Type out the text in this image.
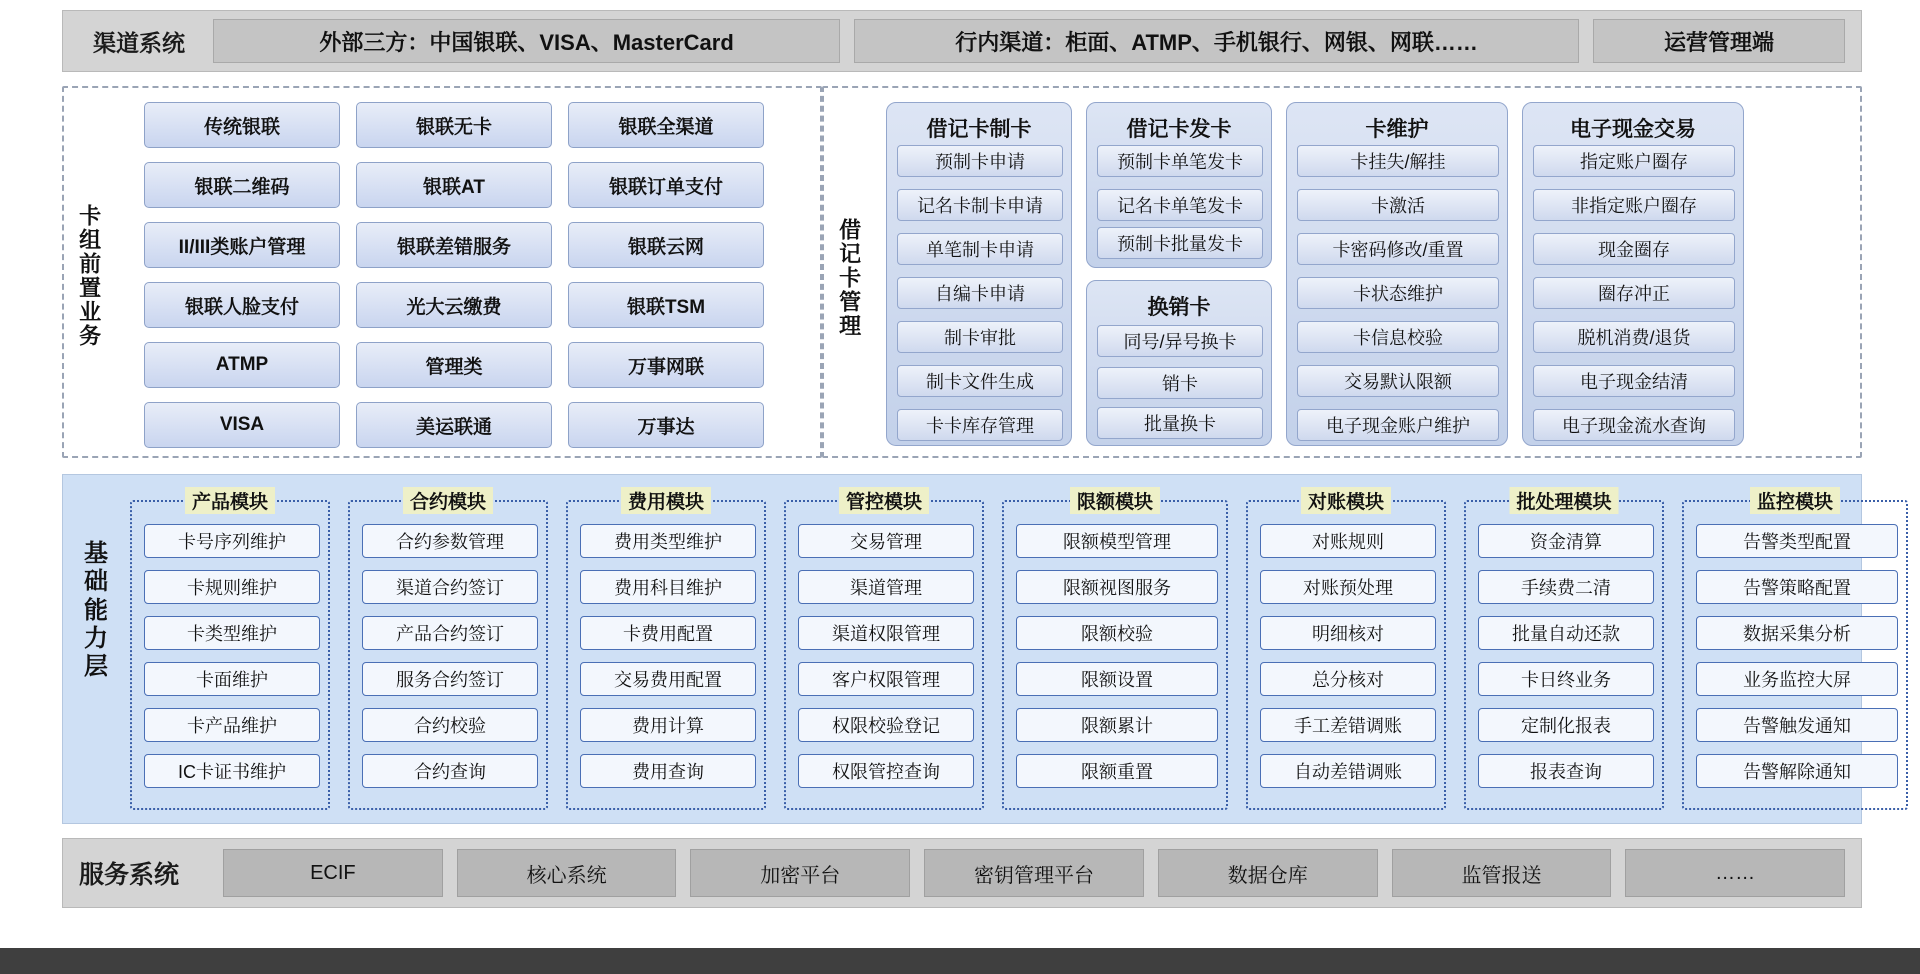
渠道系统	外部三方：中国银联、VISA、MasterCard	行内渠道：柜面、ATMP、手机银行、网银、网联……	运营管理端
卡组前置业务
传统银联	银联无卡	银联全渠道
银联二维码	银联AT	银联订单支付
II/III类账户管理	银联差错服务	银联云网
银联人脸支付	光大云缴费	银联TSM
ATMP	管理类	万事网联
VISA	美运联通	万事达
借记卡管理
借记卡制卡
预制卡申请
记名卡制卡申请
单笔制卡申请
自编卡申请
制卡审批
制卡文件生成
卡卡库存管理
借记卡发卡
预制卡单笔发卡
记名卡单笔发卡
预制卡批量发卡
换销卡
同号/异号换卡
销卡
批量换卡
卡维护
卡挂失/解挂
卡激活
卡密码修改/重置
卡状态维护
卡信息校验
交易默认限额
电子现金账户维护
电子现金交易
指定账户圈存
非指定账户圈存
现金圈存
圈存冲正
脱机消费/退货
电子现金结清
电子现金流水查询
基础能力层
产品模块
卡号序列维护
卡规则维护
卡类型维护
卡面维护
卡产品维护
IC卡证书维护
合约模块
合约参数管理
渠道合约签订
产品合约签订
服务合约签订
合约校验
合约查询
费用模块
费用类型维护
费用科目维护
卡费用配置
交易费用配置
费用计算
费用查询
管控模块
交易管理
渠道管理
渠道权限管理
客户权限管理
权限校验登记
权限管控查询
限额模块
限额模型管理
限额视图服务
限额校验
限额设置
限额累计
限额重置
对账模块
对账规则
对账预处理
明细核对
总分核对
手工差错调账
自动差错调账
批处理模块
资金清算
手续费二清
批量自动还款
卡日终业务
定制化报表
报表查询
监控模块
告警类型配置
告警策略配置
数据采集分析
业务监控大屏
告警触发通知
告警解除通知
服务系统	ECIF	核心系统	加密平台	密钥管理平台	数据仓库	监管报送	……
